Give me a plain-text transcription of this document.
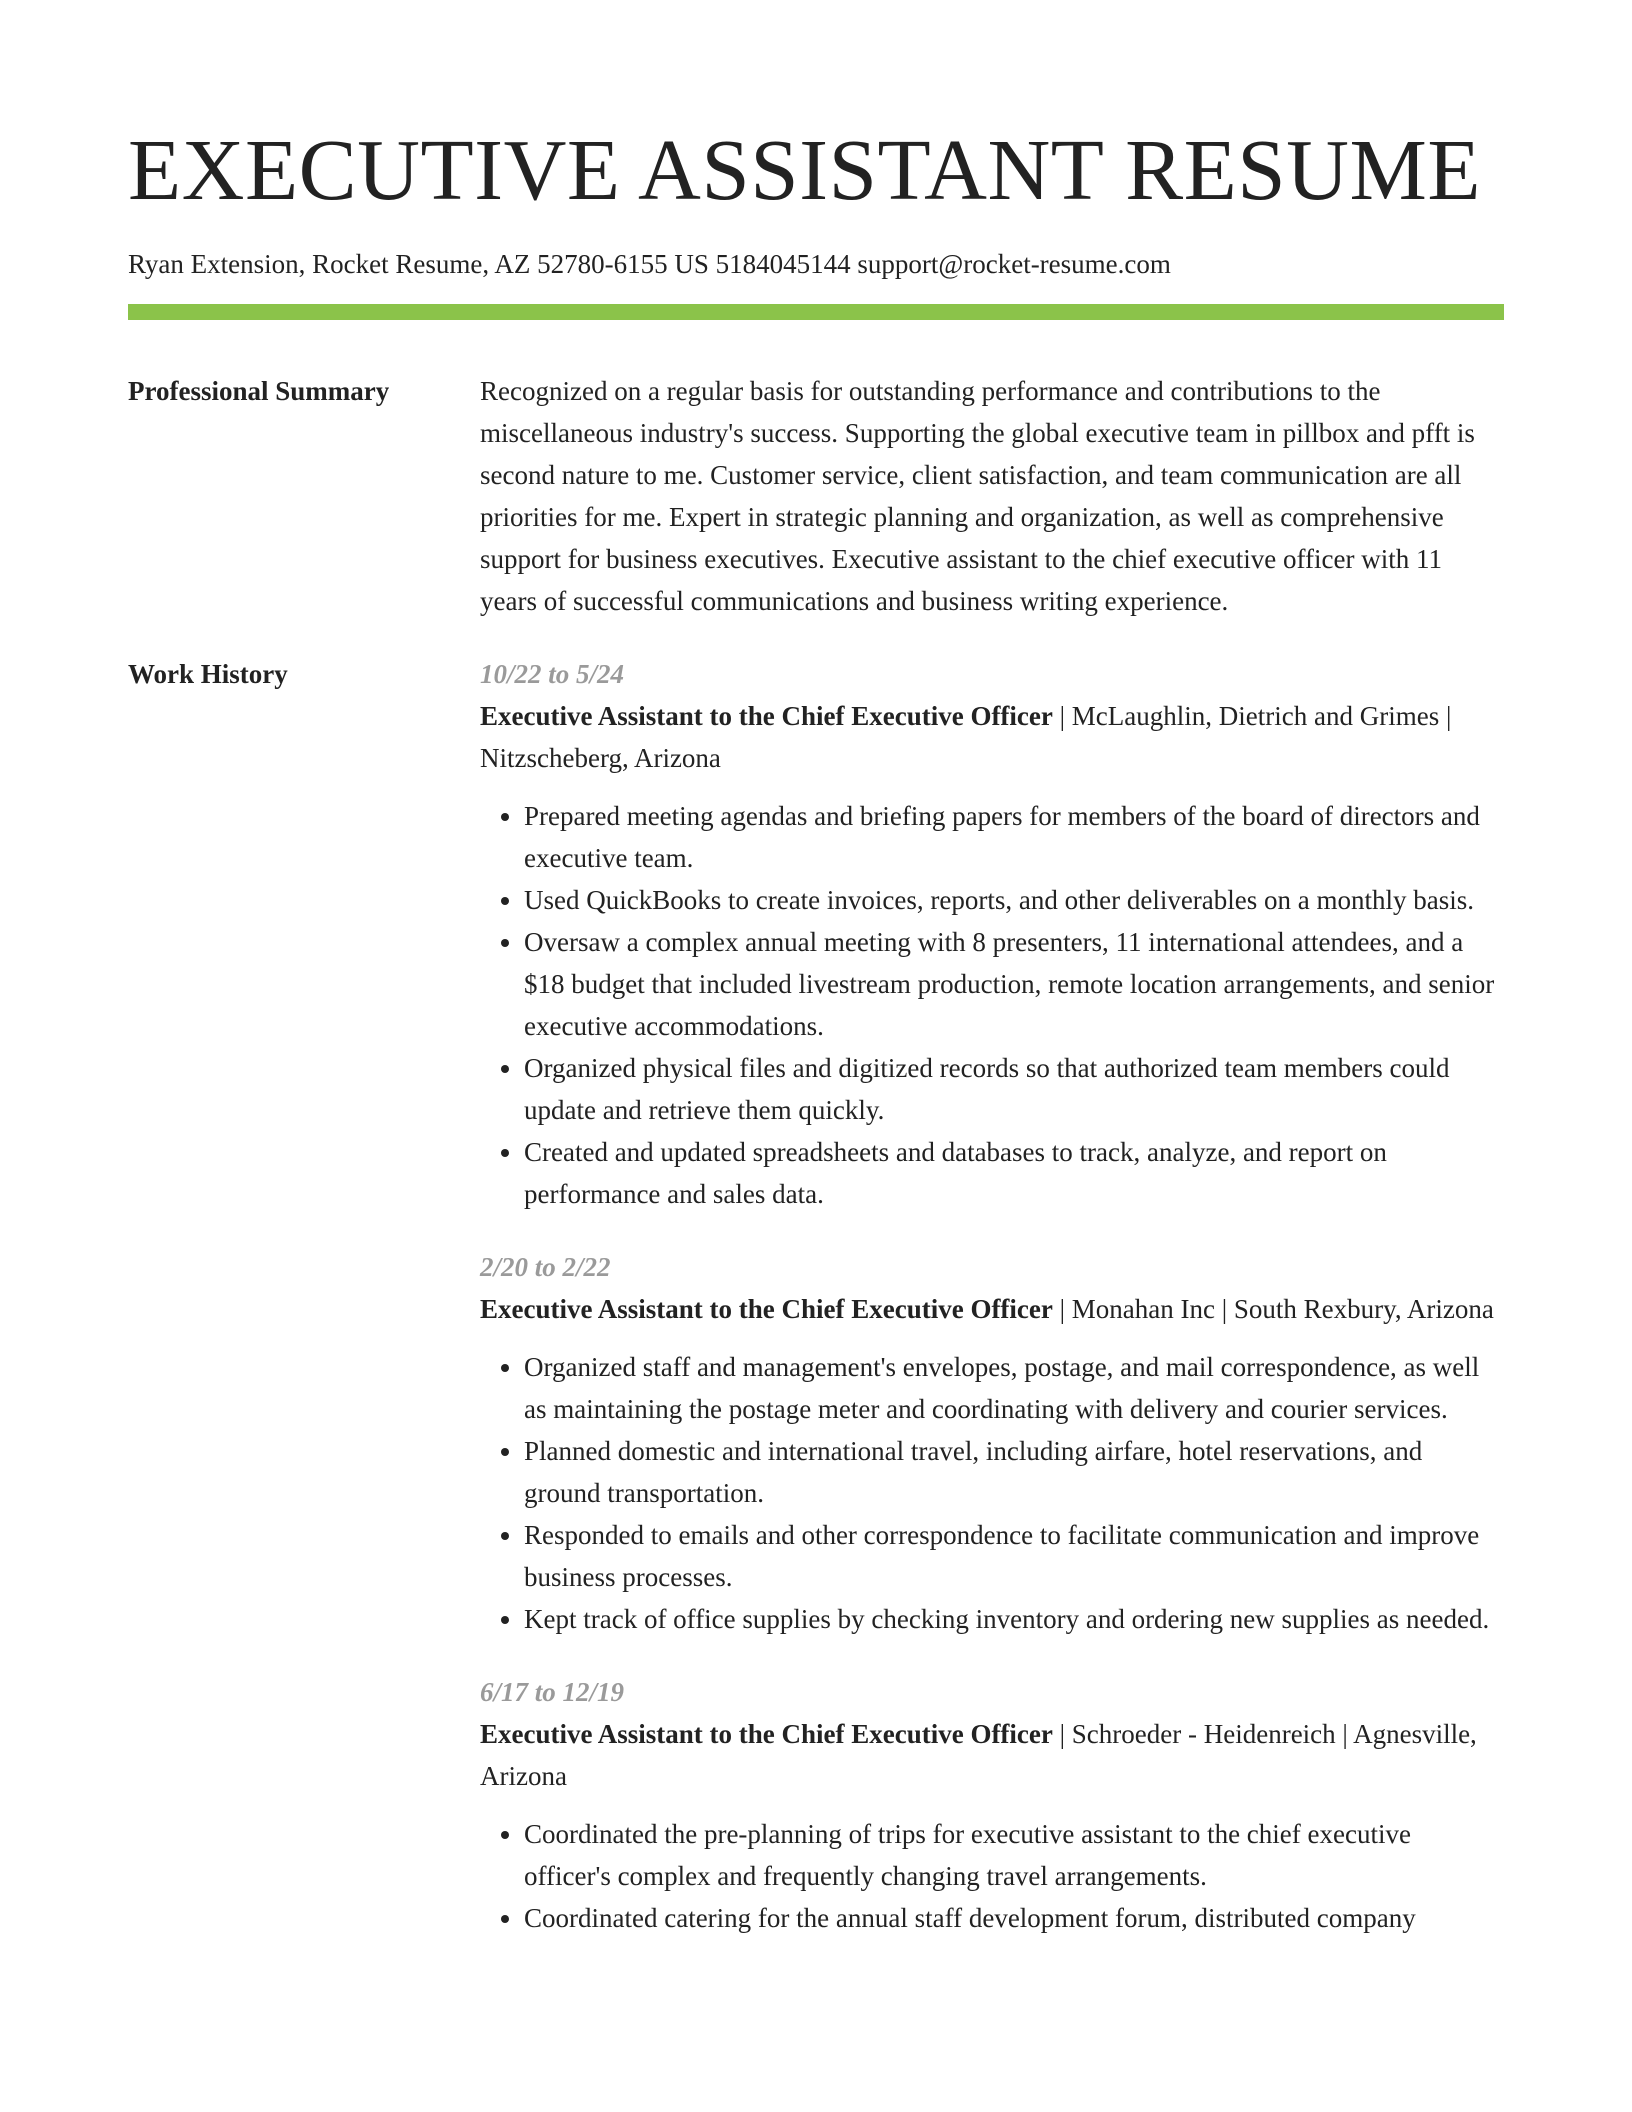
EXECUTIVE ASSISTANT RESUME
Ryan Extension, Rocket Resume, AZ 52780-6155 US 5184045144 support@rocket-resume.com
Professional Summary	Recognized on a regular basis for outstanding performance and contributions to the miscellaneous industry's success. Supporting the global executive team in pillbox and pfft is second nature to me. Customer service, client satisfaction, and team communication are all priorities for me. Expert in strategic planning and organization, as well as comprehensive support for business executives. Executive assistant to the chief executive officer with 11 years of successful communications and business writing experience.
Work History	10/22 to 5/24
Executive Assistant to the Chief Executive Officer | McLaughlin, Dietrich and Grimes | Nitzscheberg, Arizona
• Prepared meeting agendas and briefing papers for members of the board of directors and executive team.
• Used QuickBooks to create invoices, reports, and other deliverables on a monthly basis.
• Oversaw a complex annual meeting with 8 presenters, 11 international attendees, and a $18 budget that included livestream production, remote location arrangements, and senior executive accommodations.
• Organized physical files and digitized records so that authorized team members could update and retrieve them quickly.
• Created and updated spreadsheets and databases to track, analyze, and report on performance and sales data.
2/20 to 2/22
Executive Assistant to the Chief Executive Officer | Monahan Inc | South Rexbury, Arizona
• Organized staff and management's envelopes, postage, and mail correspondence, as well as maintaining the postage meter and coordinating with delivery and courier services.
• Planned domestic and international travel, including airfare, hotel reservations, and ground transportation.
• Responded to emails and other correspondence to facilitate communication and improve business processes.
• Kept track of office supplies by checking inventory and ordering new supplies as needed.
6/17 to 12/19
Executive Assistant to the Chief Executive Officer | Schroeder - Heidenreich | Agnesville, Arizona
• Coordinated the pre-planning of trips for executive assistant to the chief executive officer's complex and frequently changing travel arrangements.
• Coordinated catering for the annual staff development forum, distributed company
